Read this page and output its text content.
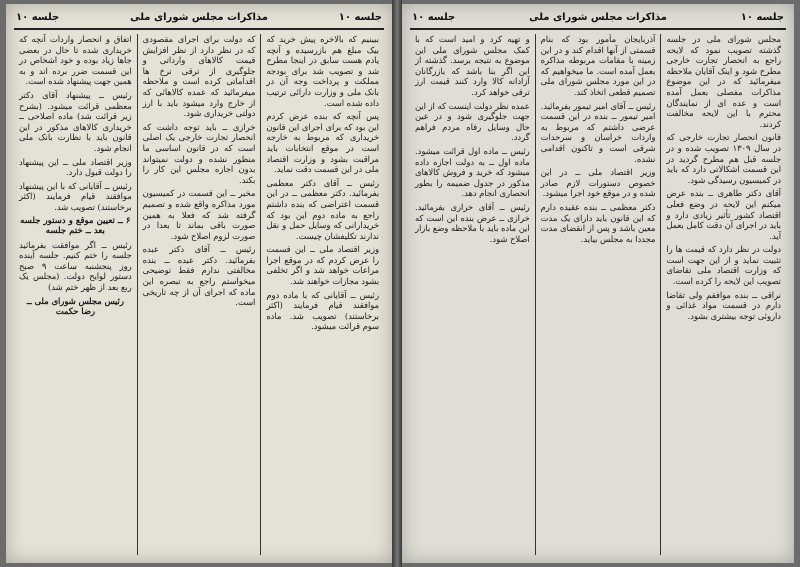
جلسه ۱۰
مذاکرات مجلس شورای ملی
جلسه ۱۰

ببینیم که بالاخره پیش خرید که بیک مبلغ هم بازرسیده و آنچه یادم هست سابق در اینجا مطرح شد و تصویب شد برای بودجه مملکت و پرداخت وجه آن در بانک ملی و وزارت دارائی ترتیب داده شده است.

پس آنچه که بنده عرض کردم این بود که برای اجرای این قانون خریداری که مربوط به خارجه است در موقع انتخابات باید مراقبت بشود و وزارت اقتصاد ملی در این قسمت دقت نماید.

رئیس ــ آقای دکتر معظمی بفرمائید. دکتر معظمی ــ در این قسمت اعتراضی که بنده داشتم راجع به ماده دوم این بود که خریدارانی که وسایل حمل و نقل ندارند تکلیفشان چیست.

وزیر اقتصاد ملی ــ این قسمت را عرض کردم که در موقع اجرا مراعات خواهد شد و اگر تخلفی بشود مجازات خواهند شد.

رئیس ــ آقایانی که با ماده دوم موافقند قیام فرمایند (اکثر برخاستند) تصویب شد. ماده سوم قرائت میشود.

که دولت برای اجرای مقصودی که در نظر دارد از نظر افزایش قیمت کالاهای وارداتی و جلوگیری از ترقی نرخ ها اقداماتی کرده است و ملاحظه میفرمائید که عمده کالاهائی که از خارج وارد میشود باید با ارز دولتی خریداری شود.

خرازی ــ باید توجه داشت که انحصار تجارت خارجی یک اصلی است که در قانون اساسی ما منظور نشده و دولت نمیتواند بدون اجازه مجلس این کار را بکند.

مخبر ــ این قسمت در کمیسیون مورد مذاکره واقع شده و تصمیم گرفته شد که فعلا به همین صورت باقی بماند تا بعدا در صورت لزوم اصلاح شود.

رئیس ــ آقای دکتر عبده بفرمائید. دکتر عبده ــ بنده مخالفتی ندارم فقط توضیحی میخواستم راجع به تبصره این ماده که اجرای آن از چه تاریخی است.

اتفاق و انحصار واردات آنچه که خریداری شده تا حال در بعضی جاها زیاد بوده و خود اشخاص در این قسمت ضرر برده اند و به همین جهت پیشنهاد شده است.

رئیس ــ پیشنهاد آقای دکتر معظمی قرائت میشود. (بشرح زیر قرائت شد) ماده اصلاحی ــ خریداری کالاهای مذکور در این قانون باید با نظارت بانک ملی انجام شود.

وزیر اقتصاد ملی ــ این پیشنهاد را دولت قبول دارد.

رئیس ــ آقایانی که با این پیشنهاد موافقند قیام فرمایند (اکثر برخاستند) تصویب شد.

۶ ــ تعیین موقع و دستور جلسه بعد ــ ختم جلسه

رئیس ــ اگر موافقت بفرمائید جلسه را ختم کنیم. جلسه آینده روز پنجشنبه ساعت ۹ صبح دستور لوایح دولت. (مجلس یک ربع بعد از ظهر ختم شد)

رئیس مجلس شورای ملی ــ رضا حکمت

جلسه ۱۰
مذاکرات مجلس شورای ملی
جلسه ۱۰

مجلس شورای ملی در جلسه گذشته تصویب نمود که لایحه راجع به انحصار تجارت خارجی مطرح شود و اینک آقایان ملاحظه میفرمائید که در این موضوع مذاکرات مفصلی بعمل آمده است و عده ای از نمایندگان محترم با این لایحه مخالفت کردند.

قانون انحصار تجارت خارجی که در سال ۱۳۰۹ تصویب شده و در جلسه قبل هم مطرح گردید در این قسمت اشکالاتی دارد که باید در کمیسیون رسیدگی شود.

آقای دکتر طاهری ــ بنده عرض میکنم این لایحه در وضع فعلی اقتصاد کشور تأثیر زیادی دارد و باید در اجرای آن دقت کامل بعمل آید.

دولت در نظر دارد که قیمت ها را تثبیت نماید و از این جهت است که وزارت اقتصاد ملی تقاضای تصویب این لایحه را کرده است.

نراقی ــ بنده موافقم ولی تقاضا دارم در قسمت مواد غذائی و داروئی توجه بیشتری بشود.

آذربایجان مأمور بود که بنام قسمتی از آنها اقدام کند و در این زمینه با مقامات مربوطه مذاکره بعمل آمده است. ما میخواهیم که در این مورد مجلس شورای ملی تصمیم قطعی اتخاذ کند.

رئیس ــ آقای امیر تیمور بفرمائید. امیر تیمور ــ بنده در این قسمت عرضی داشتم که مربوط به واردات خراسان و سرحدات شرقی است و تاکنون اقدامی نشده.

وزیر اقتصاد ملی ــ در این خصوص دستورات لازم صادر شده و در موقع خود اجرا میشود.

دکتر معظمی ــ بنده عقیده دارم که این قانون باید دارای یک مدت معین باشد و پس از انقضای مدت مجددا به مجلس بیاید.

و تهیه کرد و امید است که با کمک مجلس شورای ملی این موضوع به نتیجه برسد. گذشته از این اگر بنا باشد که بازرگانان آزادانه کالا وارد کنند قیمت ارز ترقی خواهد کرد.

عمده نظر دولت اینست که از این جهت جلوگیری شود و در عین حال وسایل رفاه مردم فراهم گردد.

رئیس ــ ماده اول قرائت میشود. ماده اول ــ به دولت اجازه داده میشود که خرید و فروش کالاهای مذکور در جدول ضمیمه را بطور انحصاری انجام دهد.

رئیس ــ آقای خرازی بفرمائید. خرازی ــ عرض بنده این است که این ماده باید با ملاحظه وضع بازار اصلاح شود.
